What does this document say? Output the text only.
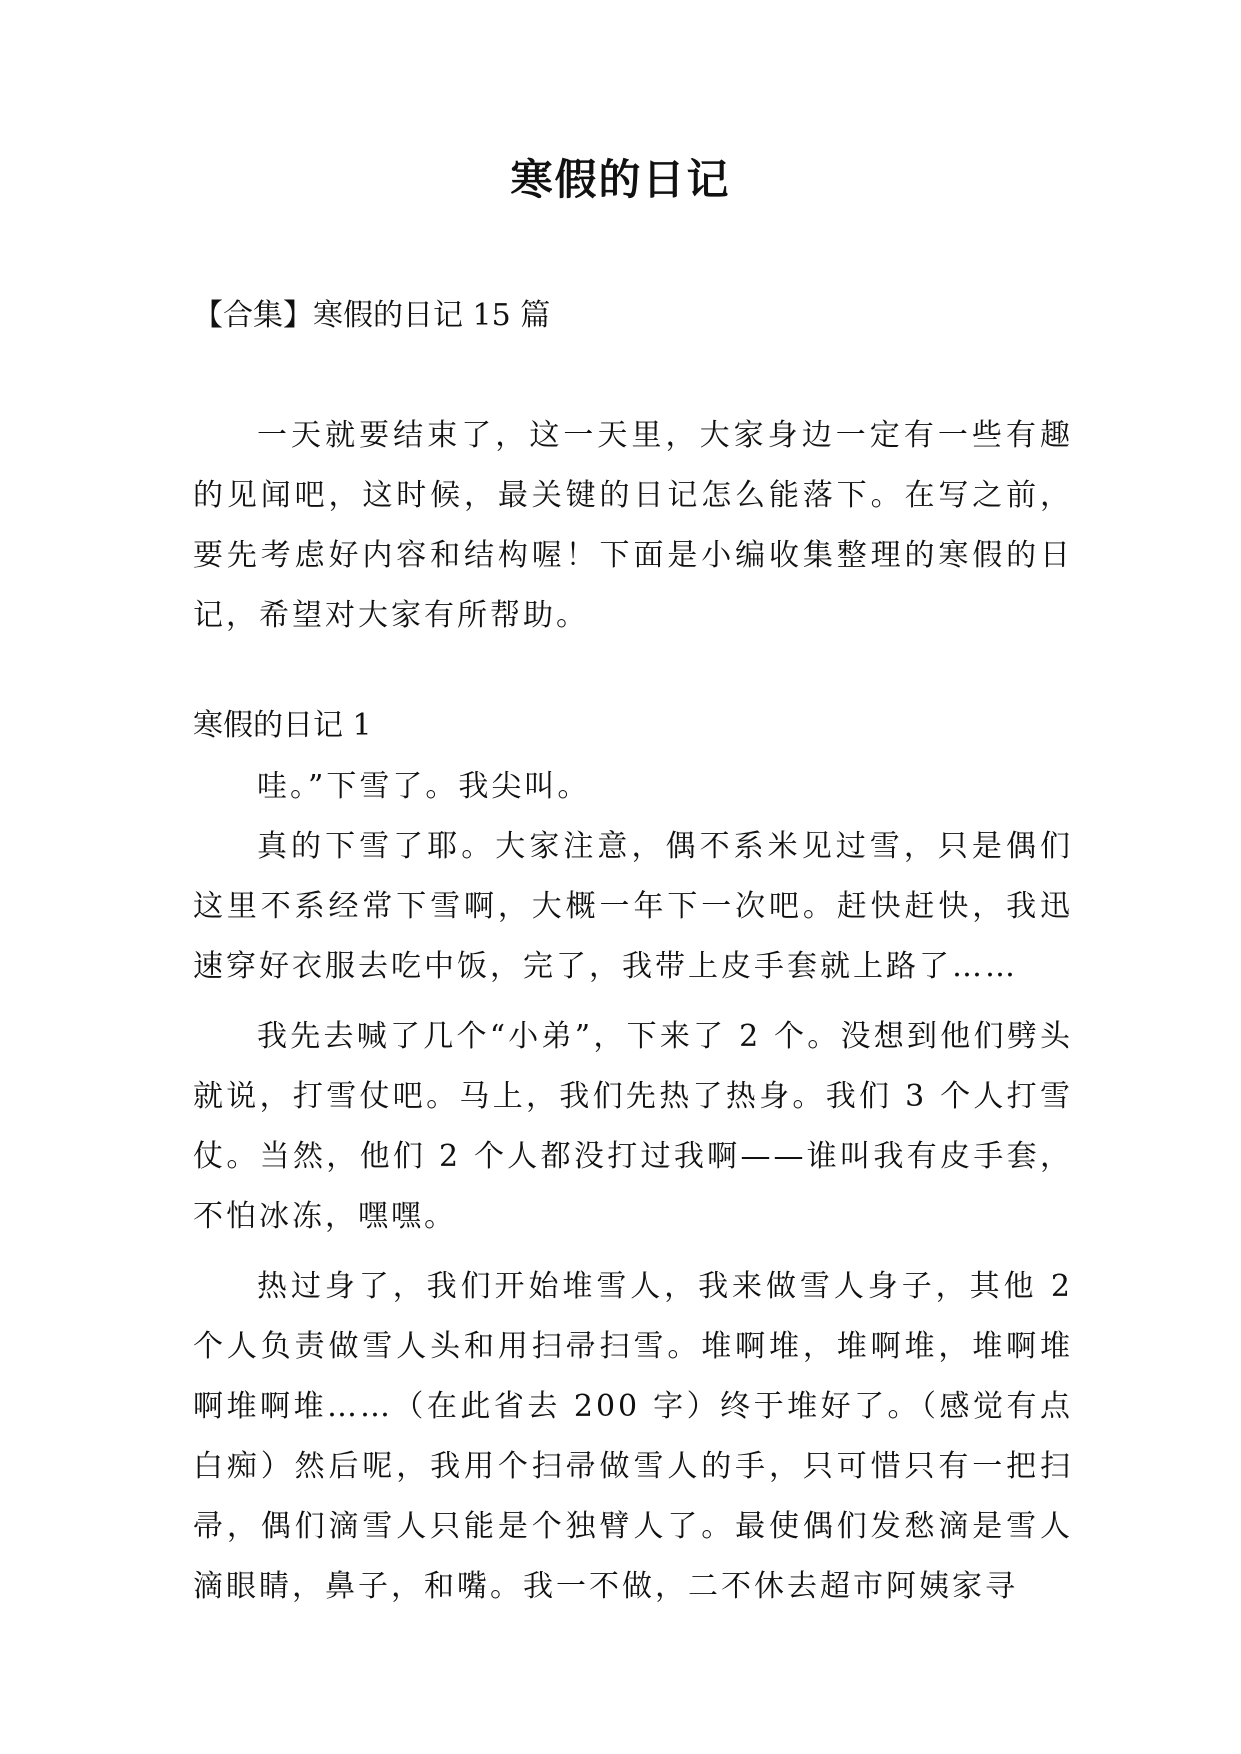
寒假的日记
【合集】寒假的日记 15 篇

一天就要结束了，这一天里，大家身边一定有一些有趣的见闻吧，这时候，最关键的日记怎么能落下。在写之前，要先考虑好内容和结构喔！下面是小编收集整理的寒假的日记，希望对大家有所帮助。

寒假的日记 1

哇。”下雪了。我尖叫。

真的下雪了耶。大家注意，偶不系米见过雪，只是偶们这里不系经常下雪啊，大概一年下一次吧。赶快赶快，我迅速穿好衣服去吃中饭，完了，我带上皮手套就上路了……

我先去喊了几个“小弟”，下来了 2 个。没想到他们劈头就说，打雪仗吧。马上，我们先热了热身。我们 3 个人打雪仗。当然，他们 2 个人都没打过我啊——谁叫我有皮手套，不怕冰冻，嘿嘿。

热过身了，我们开始堆雪人，我来做雪人身子，其他 2 个人负责做雪人头和用扫帚扫雪。堆啊堆，堆啊堆，堆啊堆啊堆啊堆……（在此省去 200 字）终于堆好了。（感觉有点白痴）然后呢，我用个扫帚做雪人的手，只可惜只有一把扫帚，偶们滴雪人只能是个独臂人了。最使偶们发愁滴是雪人滴眼睛，鼻子，和嘴。我一不做，二不休去超市阿姨家寻
